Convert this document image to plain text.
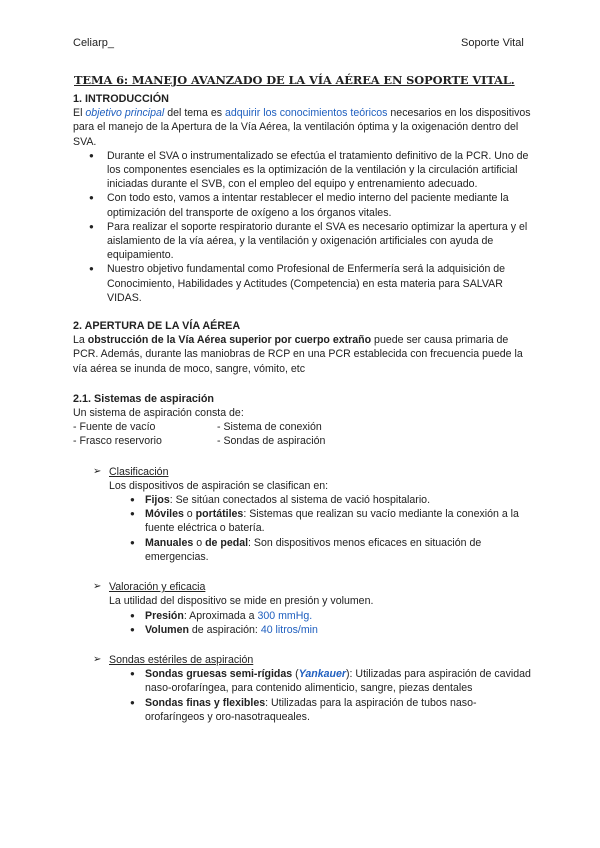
Celiarp_	Soporte Vital
TEMA 6: MANEJO AVANZADO DE LA VÍA AÉREA EN SOPORTE VITAL.

1. INTRODUCCIÓN

El objetivo principal del tema es adquirir los conocimientos teóricos necesarios en los dispositivos para el manejo de la Apertura de la Vía Aérea, la ventilación óptima y la oxigenación dentro del SVA.

● Durante el SVA o instrumentalizado se efectúa el tratamiento definitivo de la PCR. Uno de los componentes esenciales es la optimización de la ventilación y la circulación artificial iniciadas durante el SVB, con el empleo del equipo y entrenamiento adecuado.
● Con todo esto, vamos a intentar restablecer el medio interno del paciente mediante la optimización del transporte de oxígeno a los órganos vitales.
● Para realizar el soporte respiratorio durante el SVA es necesario optimizar la apertura y el aislamiento de la vía aérea, y la ventilación y oxigenación artificiales con ayuda de equipamiento.
● Nuestro objetivo fundamental como Profesional de Enfermería será la adquisición de Conocimiento, Habilidades y Actitudes (Competencia) en esta materia para SALVAR VIDAS.

2. APERTURA DE LA VÍA AÉREA

La obstrucción de la Vía Aérea superior por cuerpo extraño puede ser causa primaria de PCR. Además, durante las maniobras de RCP en una PCR establecida con frecuencia puede la vía aérea se inunda de moco, sangre, vómito, etc

2.1. Sistemas de aspiración

Un sistema de aspiración consta de:

- Fuente de vacío	- Sistema de conexión
- Frasco reservorio	- Sondas de aspiración
➢ Clasificación

Los dispositivos de aspiración se clasifican en:

● Fijos: Se sitúan conectados al sistema de vació hospitalario.
● Móviles o portátiles: Sistemas que realizan su vacío mediante la conexión a la fuente eléctrica o batería.
● Manuales o de pedal: Son dispositivos menos eficaces en situación de emergencias.
➢ Valoración y eficacia

La utilidad del dispositivo se mide en presión y volumen.

● Presión: Aproximada a 300 mmHg.
● Volumen de aspiración: 40 litros/min
➢ Sondas estériles de aspiración
● Sondas gruesas semi-rígidas (Yankauer): Utilizadas para aspiración de cavidad naso-orofaríngea, para contenido alimenticio, sangre, piezas dentales
● Sondas finas y flexibles: Utilizadas para la aspiración de tubos naso-orofaríngeos y oro-nasotraqueales.
